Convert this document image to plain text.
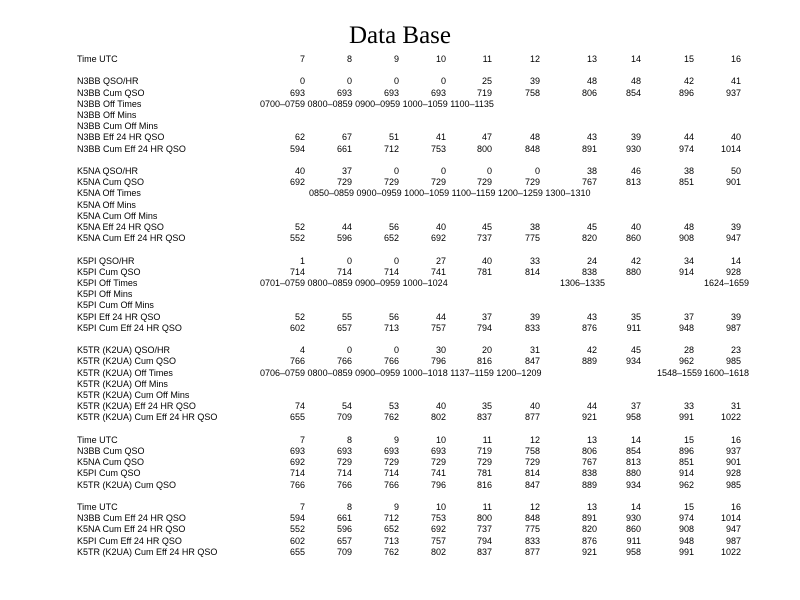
Data Base
Time UTC	7	8	9	10	11	12	13	14	15	16
N3BB QSO/HR	0	0	0	0	25	39	48	48	42	41
N3BB Cum QSO	693	693	693	693	719	758	806	854	896	937
N3BB Off Times	0700–0759 0800–0859 0900–0959 1000–1059 1100–1135
N3BB Off Mins
N3BB Cum Off Mins
N3BB Eff 24 HR QSO	62	67	51	41	47	48	43	39	44	40
N3BB Cum Eff 24 HR QSO	594	661	712	753	800	848	891	930	974	1014
K5NA QSO/HR	40	37	0	0	0	0	38	46	38	50
K5NA Cum QSO	692	729	729	729	729	729	767	813	851	901
K5NA Off Times	0850–0859 0900–0959 1000–1059 1100–1159 1200–1259 1300–1310
K5NA Off Mins
K5NA Cum Off Mins
K5NA Eff 24 HR QSO	52	44	56	40	45	38	45	40	48	39
K5NA Cum Eff 24 HR QSO	552	596	652	692	737	775	820	860	908	947
K5PI QSO/HR	1	0	0	27	40	33	24	42	34	14
K5PI Cum QSO	714	714	714	741	781	814	838	880	914	928
K5PI Off Times	0701–0759 0800–0859 0900–0959 1000–1024	1306–1335	1624–1659
K5PI Off Mins
K5PI Cum Off Mins
K5PI Eff 24 HR QSO	52	55	56	44	37	39	43	35	37	39
K5PI Cum Eff 24 HR QSO	602	657	713	757	794	833	876	911	948	987
K5TR (K2UA) QSO/HR	4	0	0	30	20	31	42	45	28	23
K5TR (K2UA) Cum QSO	766	766	766	796	816	847	889	934	962	985
K5TR (K2UA) Off Times	0706–0759 0800–0859 0900–0959 1000–1018 1137–1159 1200–1209	1548–1559 1600–1618
K5TR (K2UA) Off Mins
K5TR (K2UA) Cum Off Mins
K5TR (K2UA) Eff 24 HR QSO	74	54	53	40	35	40	44	37	33	31
K5TR (K2UA) Cum Eff 24 HR QSO	655	709	762	802	837	877	921	958	991	1022
Time UTC	7	8	9	10	11	12	13	14	15	16
N3BB Cum QSO	693	693	693	693	719	758	806	854	896	937
K5NA Cum QSO	692	729	729	729	729	729	767	813	851	901
K5PI Cum QSO	714	714	714	741	781	814	838	880	914	928
K5TR (K2UA) Cum QSO	766	766	766	796	816	847	889	934	962	985
Time UTC	7	8	9	10	11	12	13	14	15	16
N3BB Cum Eff 24 HR QSO	594	661	712	753	800	848	891	930	974	1014
K5NA Cum Eff 24 HR QSO	552	596	652	692	737	775	820	860	908	947
K5PI Cum Eff 24 HR QSO	602	657	713	757	794	833	876	911	948	987
K5TR (K2UA) Cum Eff 24 HR QSO	655	709	762	802	837	877	921	958	991	1022
